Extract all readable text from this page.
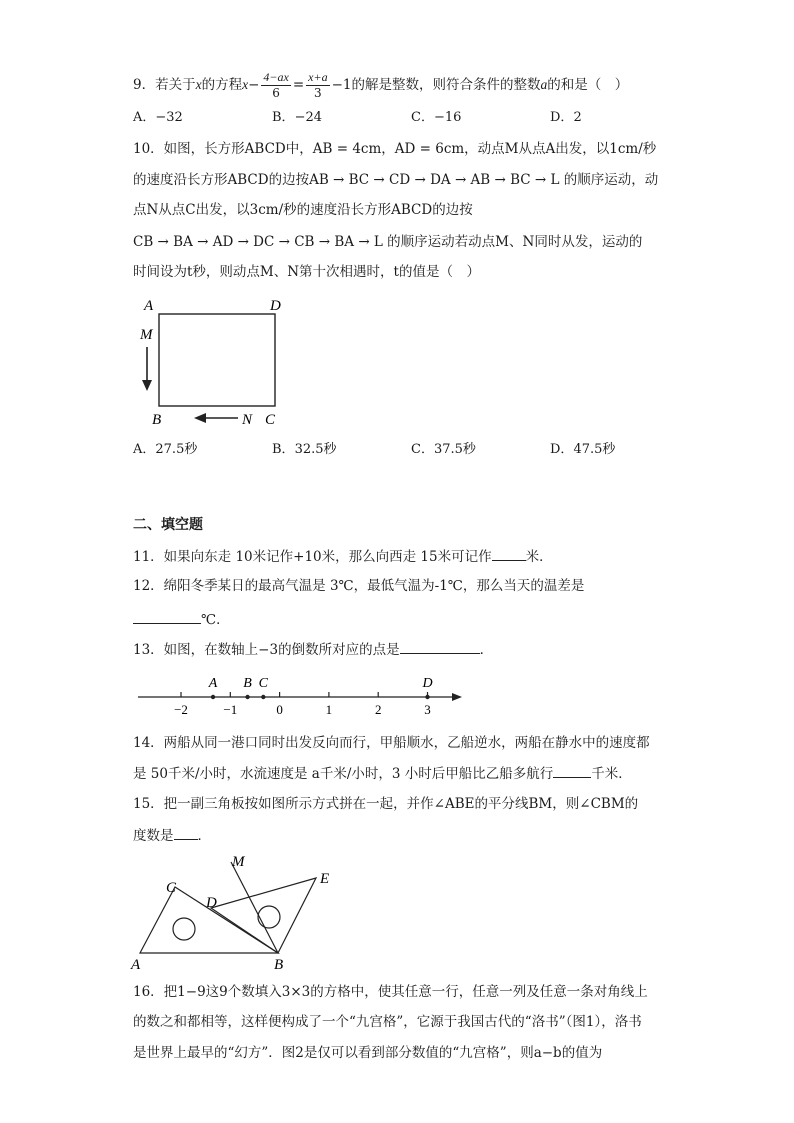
9．若关于x的方程$x- \frac{4-ax}{6} = \frac{x+a}{3} -1$的解是整数，则符合条件的整数a的和是（　）
A．−32	B．−24	C．−16	D．2
10．如图，长方形ABCD中，AB = 4cm，AD = 6cm，动点M从点A出发，以1cm/秒
的速度沿长方形ABCD的边按AB → BC → CD → DA → AB → BC → L 的顺序运动，动
点N从点C出发，以3cm/秒的速度沿长方形ABCD的边按
CB → BA → AD → DC → CB → BA → L 的顺序运动若动点M、N同时从发，运动的
时间设为t秒，则动点M、N第十次相遇时，t的值是（　）
A	D
M
B	N C
A．27.5秒	B．32.5秒	C．37.5秒	D．47.5秒
二、填空题
11．如果向东走 10米记作+10米，那么向西走 15米可记作	米．
12．绵阳冬季某日的最高气温是 3℃，最低气温为-1℃，那么当天的温差是
℃．
13．如图，在数轴上−3的倒数所对应的点是	．
−2	−1	0	1	2	3
A B C	D
14．两船从同一港口同时出发反向而行，甲船顺水，乙船逆水，两船在静水中的速度都
是 50千米/小时，水流速度是 a千米/小时，3 小时后甲船比乙船多航行	千米．
15．把一副三角板按如图所示方式拼在一起，并作∠ABE的平分线BM，则∠CBM的
度数是 ．
M
C
E
D
A	B
16．把1−9这9个数填入3×3的方格中，使其任意一行，任意一列及任意一条对角线上
的数之和都相等，这样便构成了一个“九宫格”，它源于我国古代的“洛书”（图1），洛书
是世界上最早的“幻方”．图2是仅可以看到部分数值的“九宫格”，则a−b的值为
